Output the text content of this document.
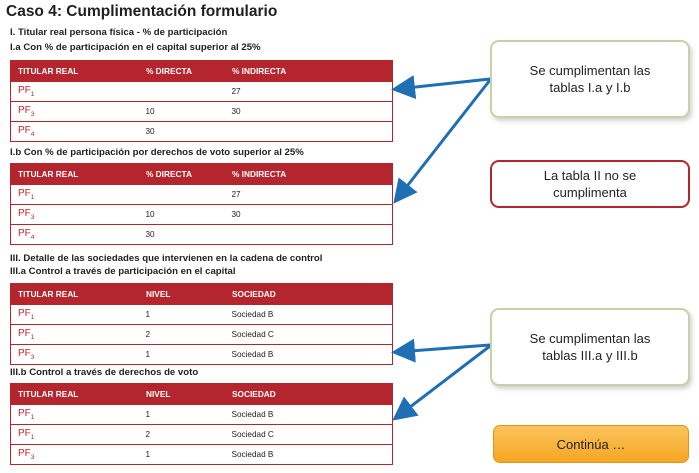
Caso 4: Cumplimentación formulario
I. Titular real persona física - % de participación
I.a Con % de participación en el capital superior al 25%
TITULAR REAL	% DIRECTA	% INDIRECTA
$PF_1$		27
$PF_3$	10	30
$PF_4$	30	
I.b Con % de participación por derechos de voto superior al 25%
TITULAR REAL	% DIRECTA	% INDIRECTA
$PF_1$		27
$PF_3$	10	30
$PF_4$	30	
III. Detalle de las sociedades que intervienen en la cadena de control
III.a Control a través de participación en el capital
TITULAR REAL	NIVEL	SOCIEDAD
$PF_1$	1	Sociedad B
$PF_1$	2	Sociedad C
$PF_3$	1	Sociedad B
III.b Control a través de derechos de voto
TITULAR REAL	NIVEL	SOCIEDAD
$PF_1$	1	Sociedad B
$PF_1$	2	Sociedad C
$PF_3$	1	Sociedad B
Se cumplimentan las
tablas I.a y I.b
La tabla II no se
cumplimenta
Se cumplimentan las
tablas III.a y III.b
Continúa …
